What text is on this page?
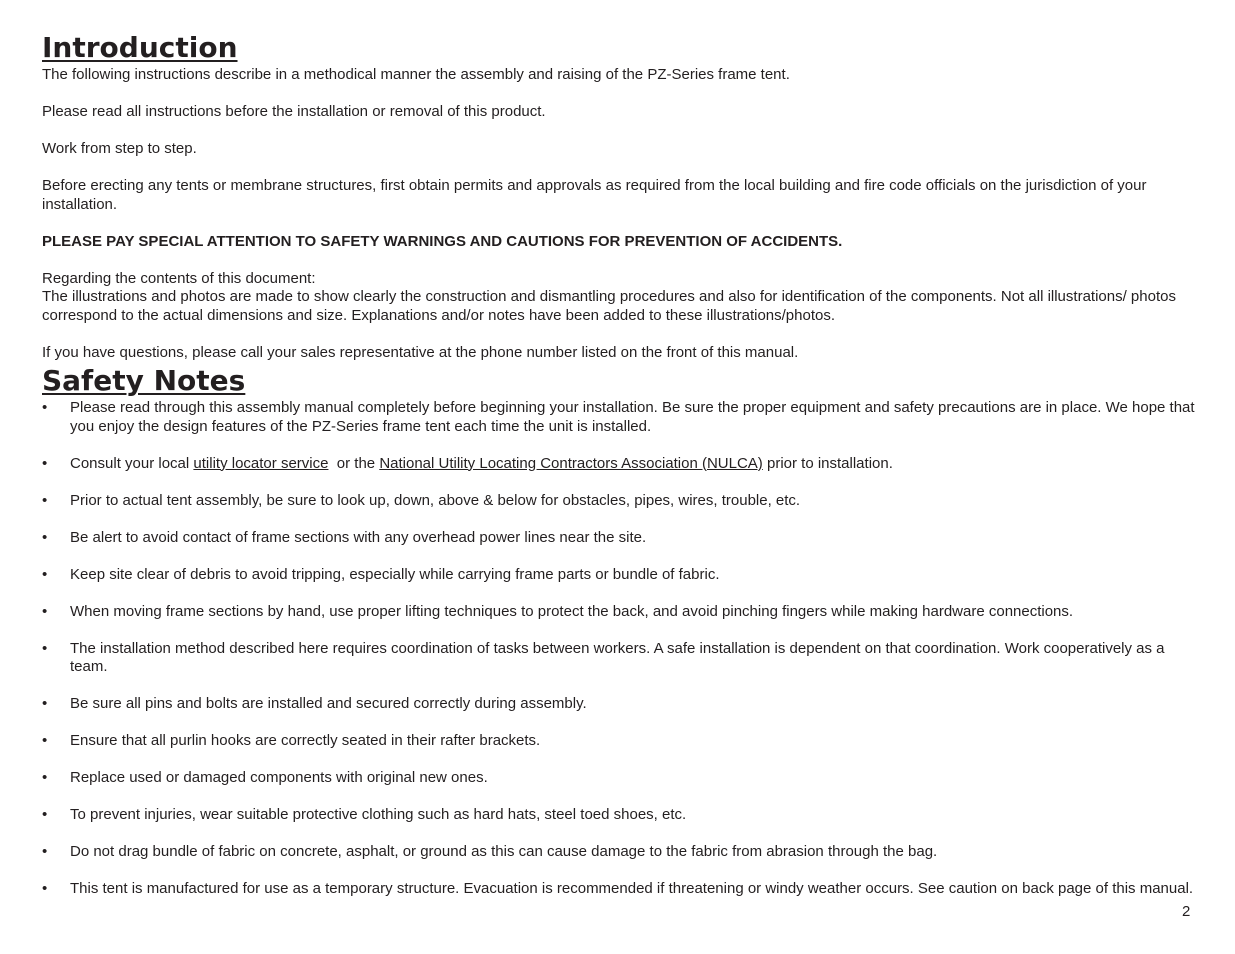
Introduction

The following instructions describe in a methodical manner the assembly and raising of the PZ-Series frame tent.

Please read all instructions before the installation or removal of this product.

Work from step to step.

Before erecting any tents or membrane structures, first obtain permits and approvals as required from the local building and fire code officials on the jurisdiction of your installation.

PLEASE PAY SPECIAL ATTENTION TO SAFETY WARNINGS AND CAUTIONS FOR PREVENTION OF ACCIDENTS.

Regarding the contents of this document:

The illustrations and photos are made to show clearly the construction and dismantling procedures and also for identification of the components. Not all illustrations/ photos correspond to the actual dimensions and size. Explanations and/or notes have been added to these illustrations/photos.

If you have questions, please call your sales representative at the phone number listed on the front of this manual.

Safety Notes
• Please read through this assembly manual completely before beginning your installation. Be sure the proper equipment and safety precautions are in place. We hope that you enjoy the design features of the PZ-Series frame tent each time the unit is installed.
• Consult your local utility locator service  or the National Utility Locating Contractors Association (NULCA) prior to installation.
• Prior to actual tent assembly, be sure to look up, down, above & below for obstacles, pipes, wires, trouble, etc.
• Be alert to avoid contact of frame sections with any overhead power lines near the site.
• Keep site clear of debris to avoid tripping, especially while carrying frame parts or bundle of fabric.
• When moving frame sections by hand, use proper lifting techniques to protect the back, and avoid pinching fingers while making hardware connections.
• The installation method described here requires coordination of tasks between workers. A safe installation is dependent on that coordination. Work cooperatively as a team.
• Be sure all pins and bolts are installed and secured correctly during assembly.
• Ensure that all purlin hooks are correctly seated in their rafter brackets.
• Replace used or damaged components with original new ones.
• To prevent injuries, wear suitable protective clothing such as hard hats, steel toed shoes, etc.
• Do not drag bundle of fabric on concrete, asphalt, or ground as this can cause damage to the fabric from abrasion through the bag.
• This tent is manufactured for use as a temporary structure. Evacuation is recommended if threatening or windy weather occurs. See caution on back page of this manual.
2
